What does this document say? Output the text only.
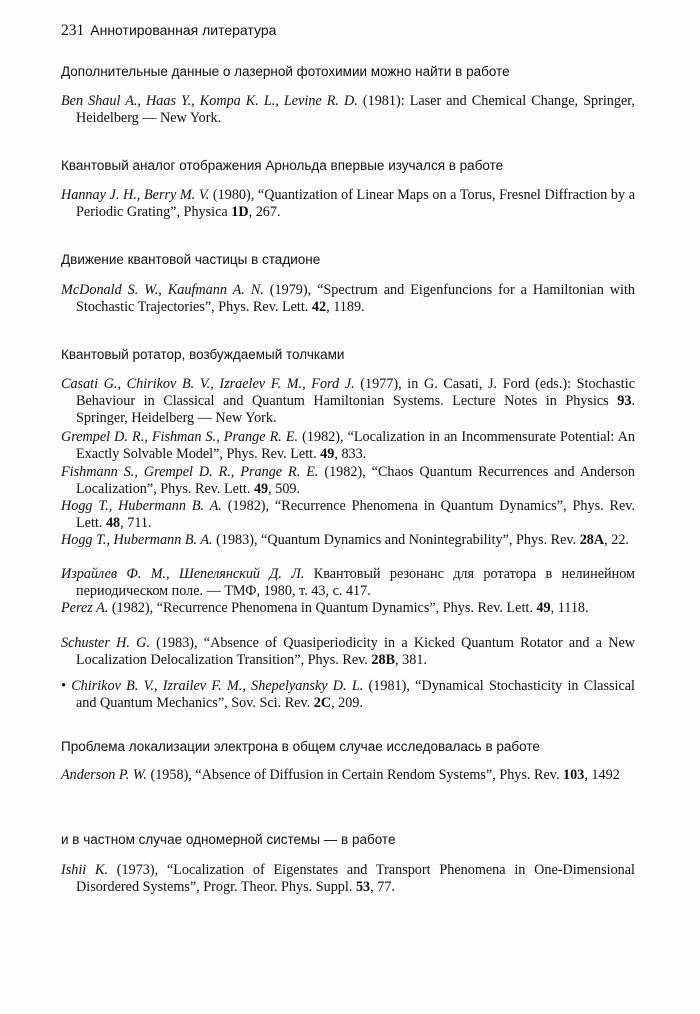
231 Аннотированная литература
Дополнительные данные о лазерной фотохимии можно найти в работе
Ben Shaul A., Haas Y., Kompa K. L., Levine R. D. (1981): Laser and Chemical Change, Springer, Heidelberg — New York.
Квантовый аналог отображения Арнольда впервые изучался в работе
Hannay J. H., Berry M. V. (1980), “Quantization of Linear Maps on a Torus, Fresnel Diffraction by a Periodic Grating”, Physica 1D, 267.
Движение квантовой частицы в стадионе
McDonald S. W., Kaufmann A. N. (1979), “Spectrum and Eigenfuncions for a Hamiltonian with Stochastic Trajectories”, Phys. Rev. Lett. 42, 1189.
Квантовый ротатор, возбуждаемый толчками
Casati G., Chirikov B. V., Izraelev F. M., Ford J. (1977), in G. Casati, J. Ford (eds.): Stochastic Behaviour in Classical and Quantum Hamiltonian Systems. Lecture Notes in Physics 93. Springer, Heidelberg — New York.
Grempel D. R., Fishman S., Prange R. E. (1982), “Localization in an Incommensurate Potential: An Exactly Solvable Model”, Phys. Rev. Lett. 49, 833.
Fishmann S., Grempel D. R., Prange R. E. (1982), “Chaos Quantum Recurrences and Anderson Localization”, Phys. Rev. Lett. 49, 509.
Hogg T., Hubermann B. A. (1982), “Recurrence Phenomena in Quantum Dynamics”, Phys. Rev. Lett. 48, 711.
Hogg T., Hubermann B. A. (1983), “Quantum Dynamics and Nonintegrability”, Phys. Rev. 28A, 22.
Израйлев Ф. М., Шепелянский Д. Л. Квантовый резонанс для ротатора в нелинейном периодическом поле. — ТМФ, 1980, т. 43, с. 417.
Perez A. (1982), “Recurrence Phenomena in Quantum Dynamics”, Phys. Rev. Lett. 49, 1118.
Schuster H. G. (1983), “Absence of Quasiperiodicity in a Kicked Quantum Rotator and a New Localization Delocalization Transition”, Phys. Rev. 28B, 381.
• Chirikov B. V., Izrailev F. M., Shepelyansky D. L. (1981), “Dynamical Stochasticity in Classical and Quantum Mechanics”, Sov. Sci. Rev. 2C, 209.
Проблема локализации электрона в общем случае исследовалась в работе
Anderson P. W. (1958), “Absence of Diffusion in Certain Rendom Systems”, Phys. Rev. 103, 1492
и в частном случае одномерной системы — в работе
Ishii K. (1973), “Localization of Eigenstates and Transport Phenomena in One-Dimensional Disordered Systems”, Progr. Theor. Phys. Suppl. 53, 77.
